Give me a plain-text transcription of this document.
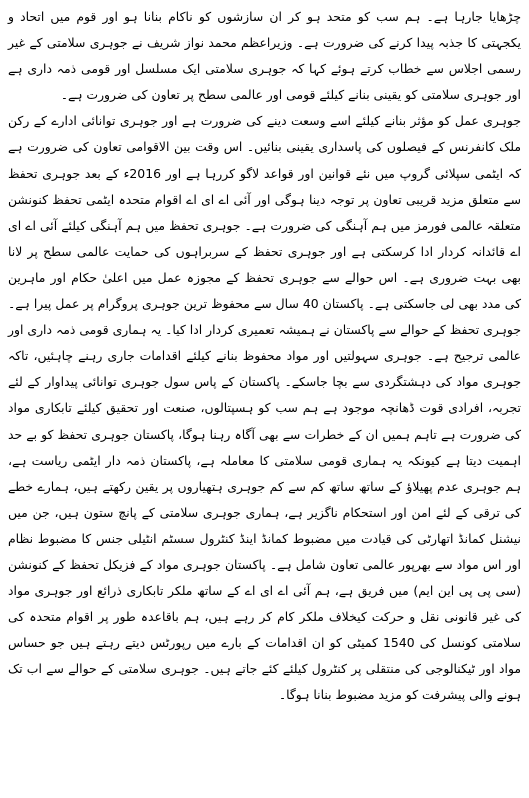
چڑھایا جارہا ہے۔ ہم سب کو متحد ہو کر ان سازشوں کو ناکام بنانا ہو اور قوم میں اتحاد و یکجہتی کا جذبہ پیدا کرنے کی ضرورت ہے۔ وزیراعظم محمد نواز شریف نے جوہری سلامتی کے غیر رسمی اجلاس سے خطاب کرتے ہوئے کہا کہ جوہری سلامتی ایک مسلسل اور قومی ذمہ داری ہے اور جوہری سلامتی کو یقینی بنانے کیلئے قومی اور عالمی سطح پر تعاون کی ضرورت ہے۔

جوہری عمل کو مؤثر بنانے کیلئے اسے وسعت دینے کی ضرورت ہے اور جوہری توانائی ادارے کے رکن ملک کانفرنس کے فیصلوں کی پاسداری یقینی بنائیں۔ اس وقت بین الاقوامی تعاون کی ضرورت ہے کہ ایٹمی سپلائی گروپ میں نئے قوانین اور قواعد لاگو کررہا ہے اور 2016ء کے بعد جوہری تحفظ سے متعلق مزید قریبی تعاون پر توجہ دینا ہوگی اور آئی اے ای اے اقوام متحدہ ایٹمی تحفظ کنونشن متعلقہ عالمی فورمز میں ہم آہنگی کی ضرورت ہے۔ جوہری تحفظ میں ہم آہنگی کیلئے آئی اے ای اے قائدانہ کردار ادا کرسکتی ہے اور جوہری تحفظ کے سربراہوں کی حمایت عالمی سطح پر لانا بھی بہت ضروری ہے۔ اس حوالے سے جوہری تحفظ کے مجوزہ عمل میں اعلیٰ حکام اور ماہرین کی مدد بھی لی جاسکتی ہے۔ پاکستان 40 سال سے محفوظ ترین جوہری پروگرام پر عمل پیرا ہے۔ جوہری تحفظ کے حوالے سے پاکستان نے ہمیشہ تعمیری کردار ادا کیا۔ یہ ہماری قومی ذمہ داری اور عالمی ترجیح ہے۔ جوہری سہولتیں اور مواد محفوظ بنانے کیلئے اقدامات جاری رہنے چاہئیں، تاکہ جوہری مواد کی دہشتگردی سے بچا جاسکے۔ پاکستان کے پاس سول جوہری توانائی پیداوار کے لئے تجربہ، افرادی قوت ڈھانچہ موجود ہے ہم سب کو ہسپتالوں، صنعت اور تحقیق کیلئے تابکاری مواد کی ضرورت ہے تاہم ہمیں ان کے خطرات سے بھی آگاہ رہنا ہوگا، پاکستان جوہری تحفظ کو بے حد اہمیت دیتا ہے کیونکہ یہ ہماری قومی سلامتی کا معاملہ ہے، پاکستان ذمہ دار ایٹمی ریاست ہے، ہم جوہری عدم پھیلاؤ کے ساتھ ساتھ کم سے کم جوہری ہتھیاروں پر یقین رکھتے ہیں، ہمارے خطے کی ترقی کے لئے امن اور استحکام ناگزیر ہے، ہماری جوہری سلامتی کے پانچ ستون ہیں، جن میں نیشنل کمانڈ اتھارٹی کی قیادت میں مضبوط کمانڈ اینڈ کنٹرول سسٹم انٹیلی جنس کا مضبوط نظام اور اس مواد سے بھرپور عالمی تعاون شامل ہے۔ پاکستان جوہری مواد کے فزیکل تحفظ کے کنونشن (سی پی پی این ایم) میں فریق ہے، ہم آئی اے ای اے کے ساتھ ملکر تابکاری ذرائع اور جوہری مواد کی غیر قانونی نقل و حرکت کیخلاف ملکر کام کر رہے ہیں، ہم باقاعدہ طور پر اقوام متحدہ کی سلامتی کونسل کی 1540 کمیٹی کو ان اقدامات کے بارے میں رپورٹس دیتے رہتے ہیں جو حساس مواد اور ٹیکنالوجی کی منتقلی پر کنٹرول کیلئے کئے جاتے ہیں۔ جوہری سلامتی کے حوالے سے اب تک ہونے والی پیشرفت کو مزید مضبوط بنانا ہوگا۔
